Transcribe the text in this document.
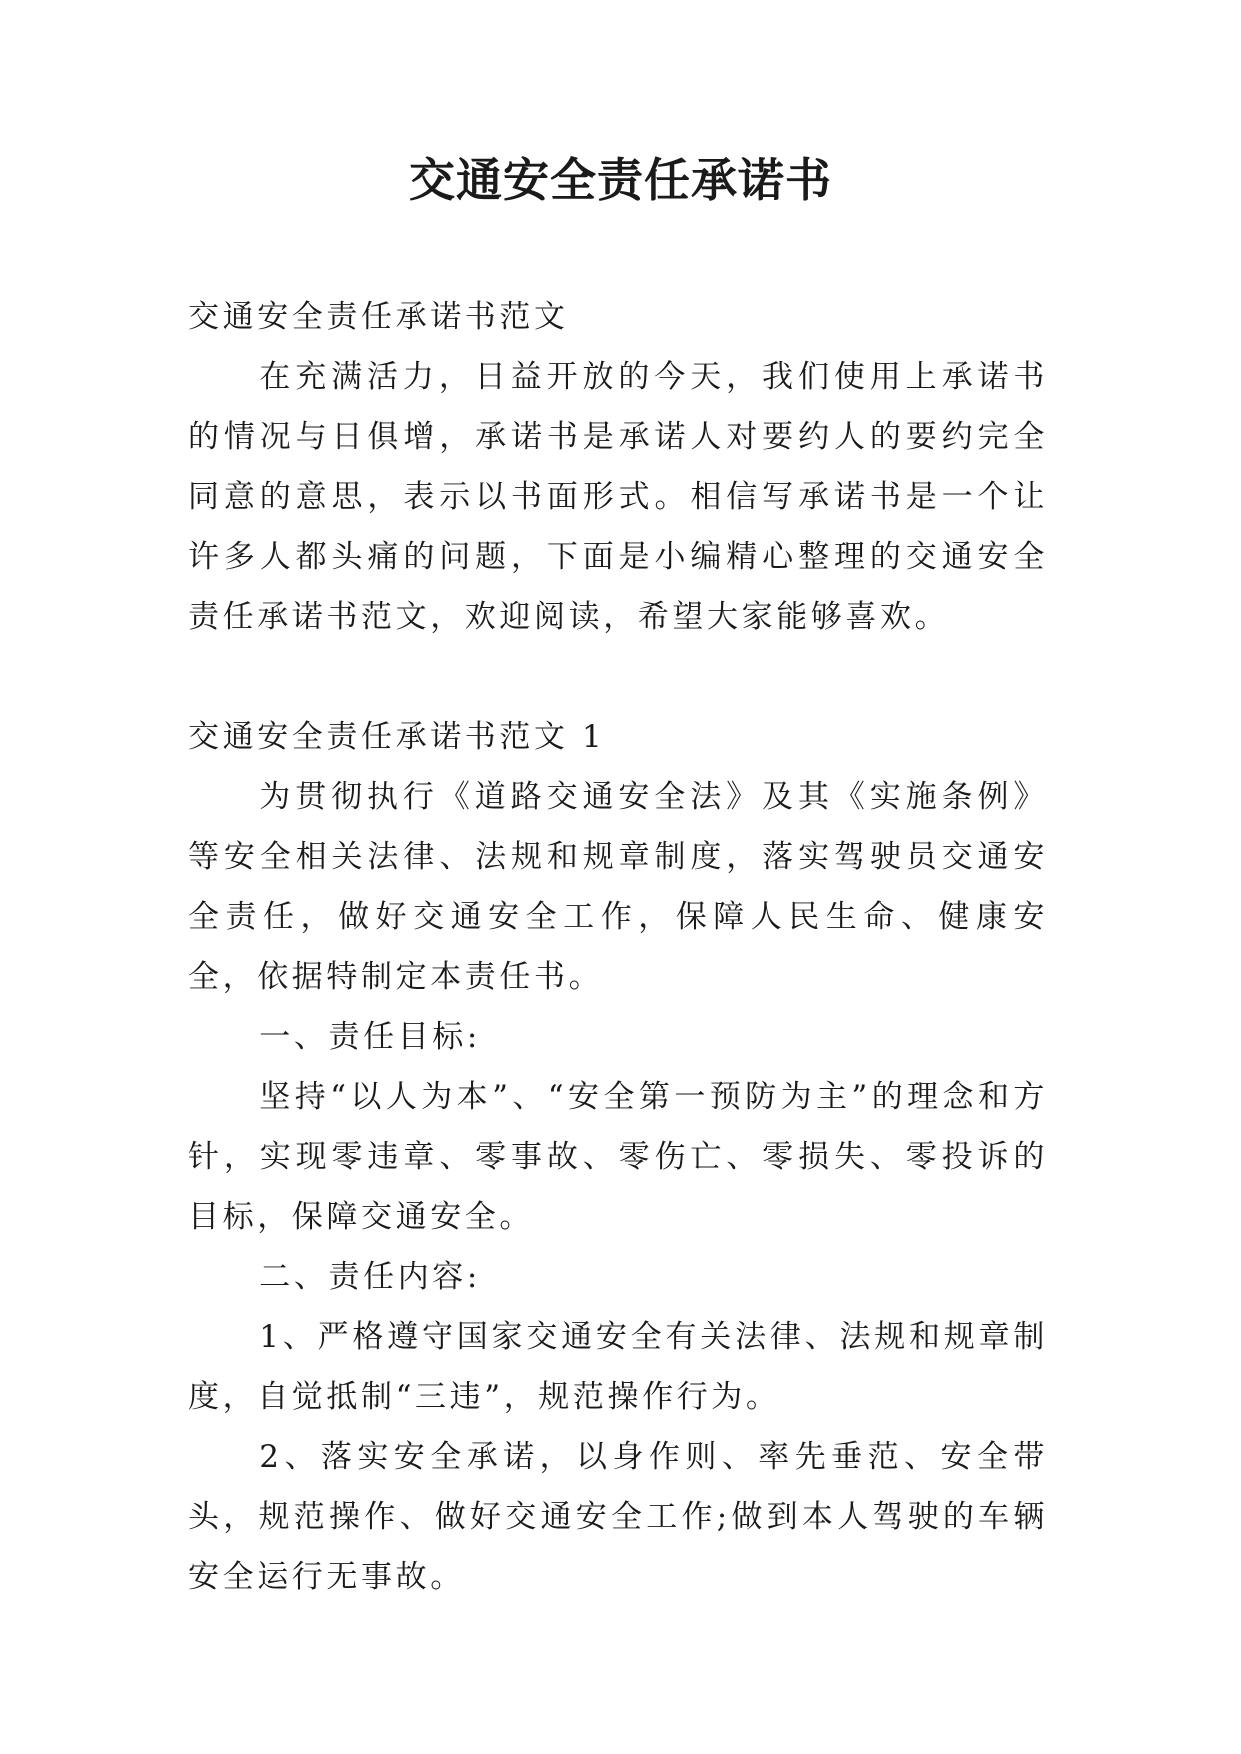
交通安全责任承诺书

交通安全责任承诺书范文

在充满活力，日益开放的今天，我们使用上承诺书的情况与日俱增，承诺书是承诺人对要约人的要约完全同意的意思，表示以书面形式。相信写承诺书是一个让许多人都头痛的问题，下面是小编精心整理的交通安全责任承诺书范文，欢迎阅读，希望大家能够喜欢。

交通安全责任承诺书范文 1

为贯彻执行《道路交通安全法》及其《实施条例》等安全相关法律、法规和规章制度，落实驾驶员交通安全责任，做好交通安全工作，保障人民生命、健康安全，依据特制定本责任书。

一、责任目标:

坚持“以人为本”、“安全第一预防为主”的理念和方针，实现零违章、零事故、零伤亡、零损失、零投诉的目标，保障交通安全。

二、责任内容:

1、严格遵守国家交通安全有关法律、法规和规章制度，自觉抵制“三违”，规范操作行为。

2、落实安全承诺，以身作则、率先垂范、安全带头，规范操作、做好交通安全工作;做到本人驾驶的车辆安全运行无事故。
